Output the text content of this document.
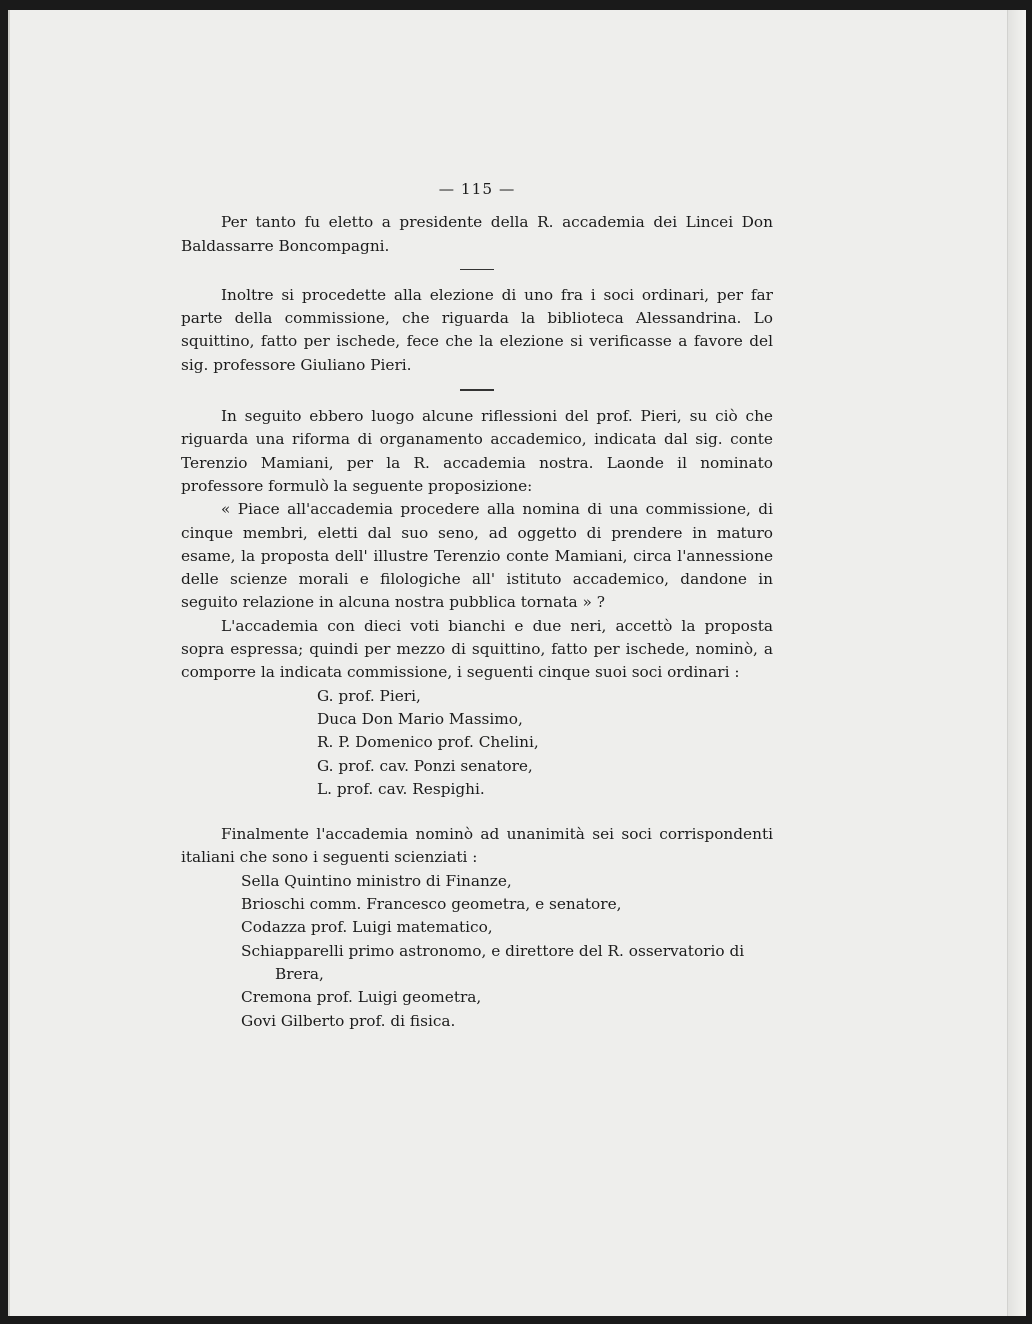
— 115 —

Per tanto fu eletto a presidente della R. accademia dei Lincei Don Baldassarre Boncompagni.

Inoltre si procedette alla elezione di uno fra i soci ordinari, per far parte della commissione, che riguarda la biblioteca Alessandrina. Lo squittino, fatto per ischede, fece che la elezione si verificasse a favore del sig. professore Giuliano Pieri.

In seguito ebbero luogo alcune riflessioni del prof. Pieri, su ciò che riguarda una riforma di organamento accademico, indicata dal sig. conte Terenzio Mamiani, per la R. accademia nostra. Laonde il nominato professore formulò la seguente proposizione:

« Piace all'accademia procedere alla nomina di una commissione, di cinque membri, eletti dal suo seno, ad oggetto di prendere in maturo esame, la proposta dell' illustre Terenzio conte Mamiani, circa l'annessione delle scienze morali e filologiche all' istituto accademico, dandone in seguito relazione in alcuna nostra pubblica tornata » ?

L'accademia con dieci voti bianchi e due neri, accettò la proposta sopra espressa; quindi per mezzo di squittino, fatto per ischede, nominò, a comporre la indicata commissione, i seguenti cinque suoi soci ordinari :

G. prof. Pieri,
Duca Don Mario Massimo,
R. P. Domenico prof. Chelini,
G. prof. cav. Ponzi senatore,
L. prof. cav. Respighi.

Finalmente l'accademia nominò ad unanimità sei soci corrispondenti italiani che sono i seguenti scienziati :

Sella Quintino ministro di Finanze,
Brioschi comm. Francesco geometra, e senatore,
Codazza prof. Luigi matematico,
Schiapparelli primo astronomo, e direttore del R. osservatorio di
Brera,
Cremona prof. Luigi geometra,
Govi Gilberto prof. di fisica.
